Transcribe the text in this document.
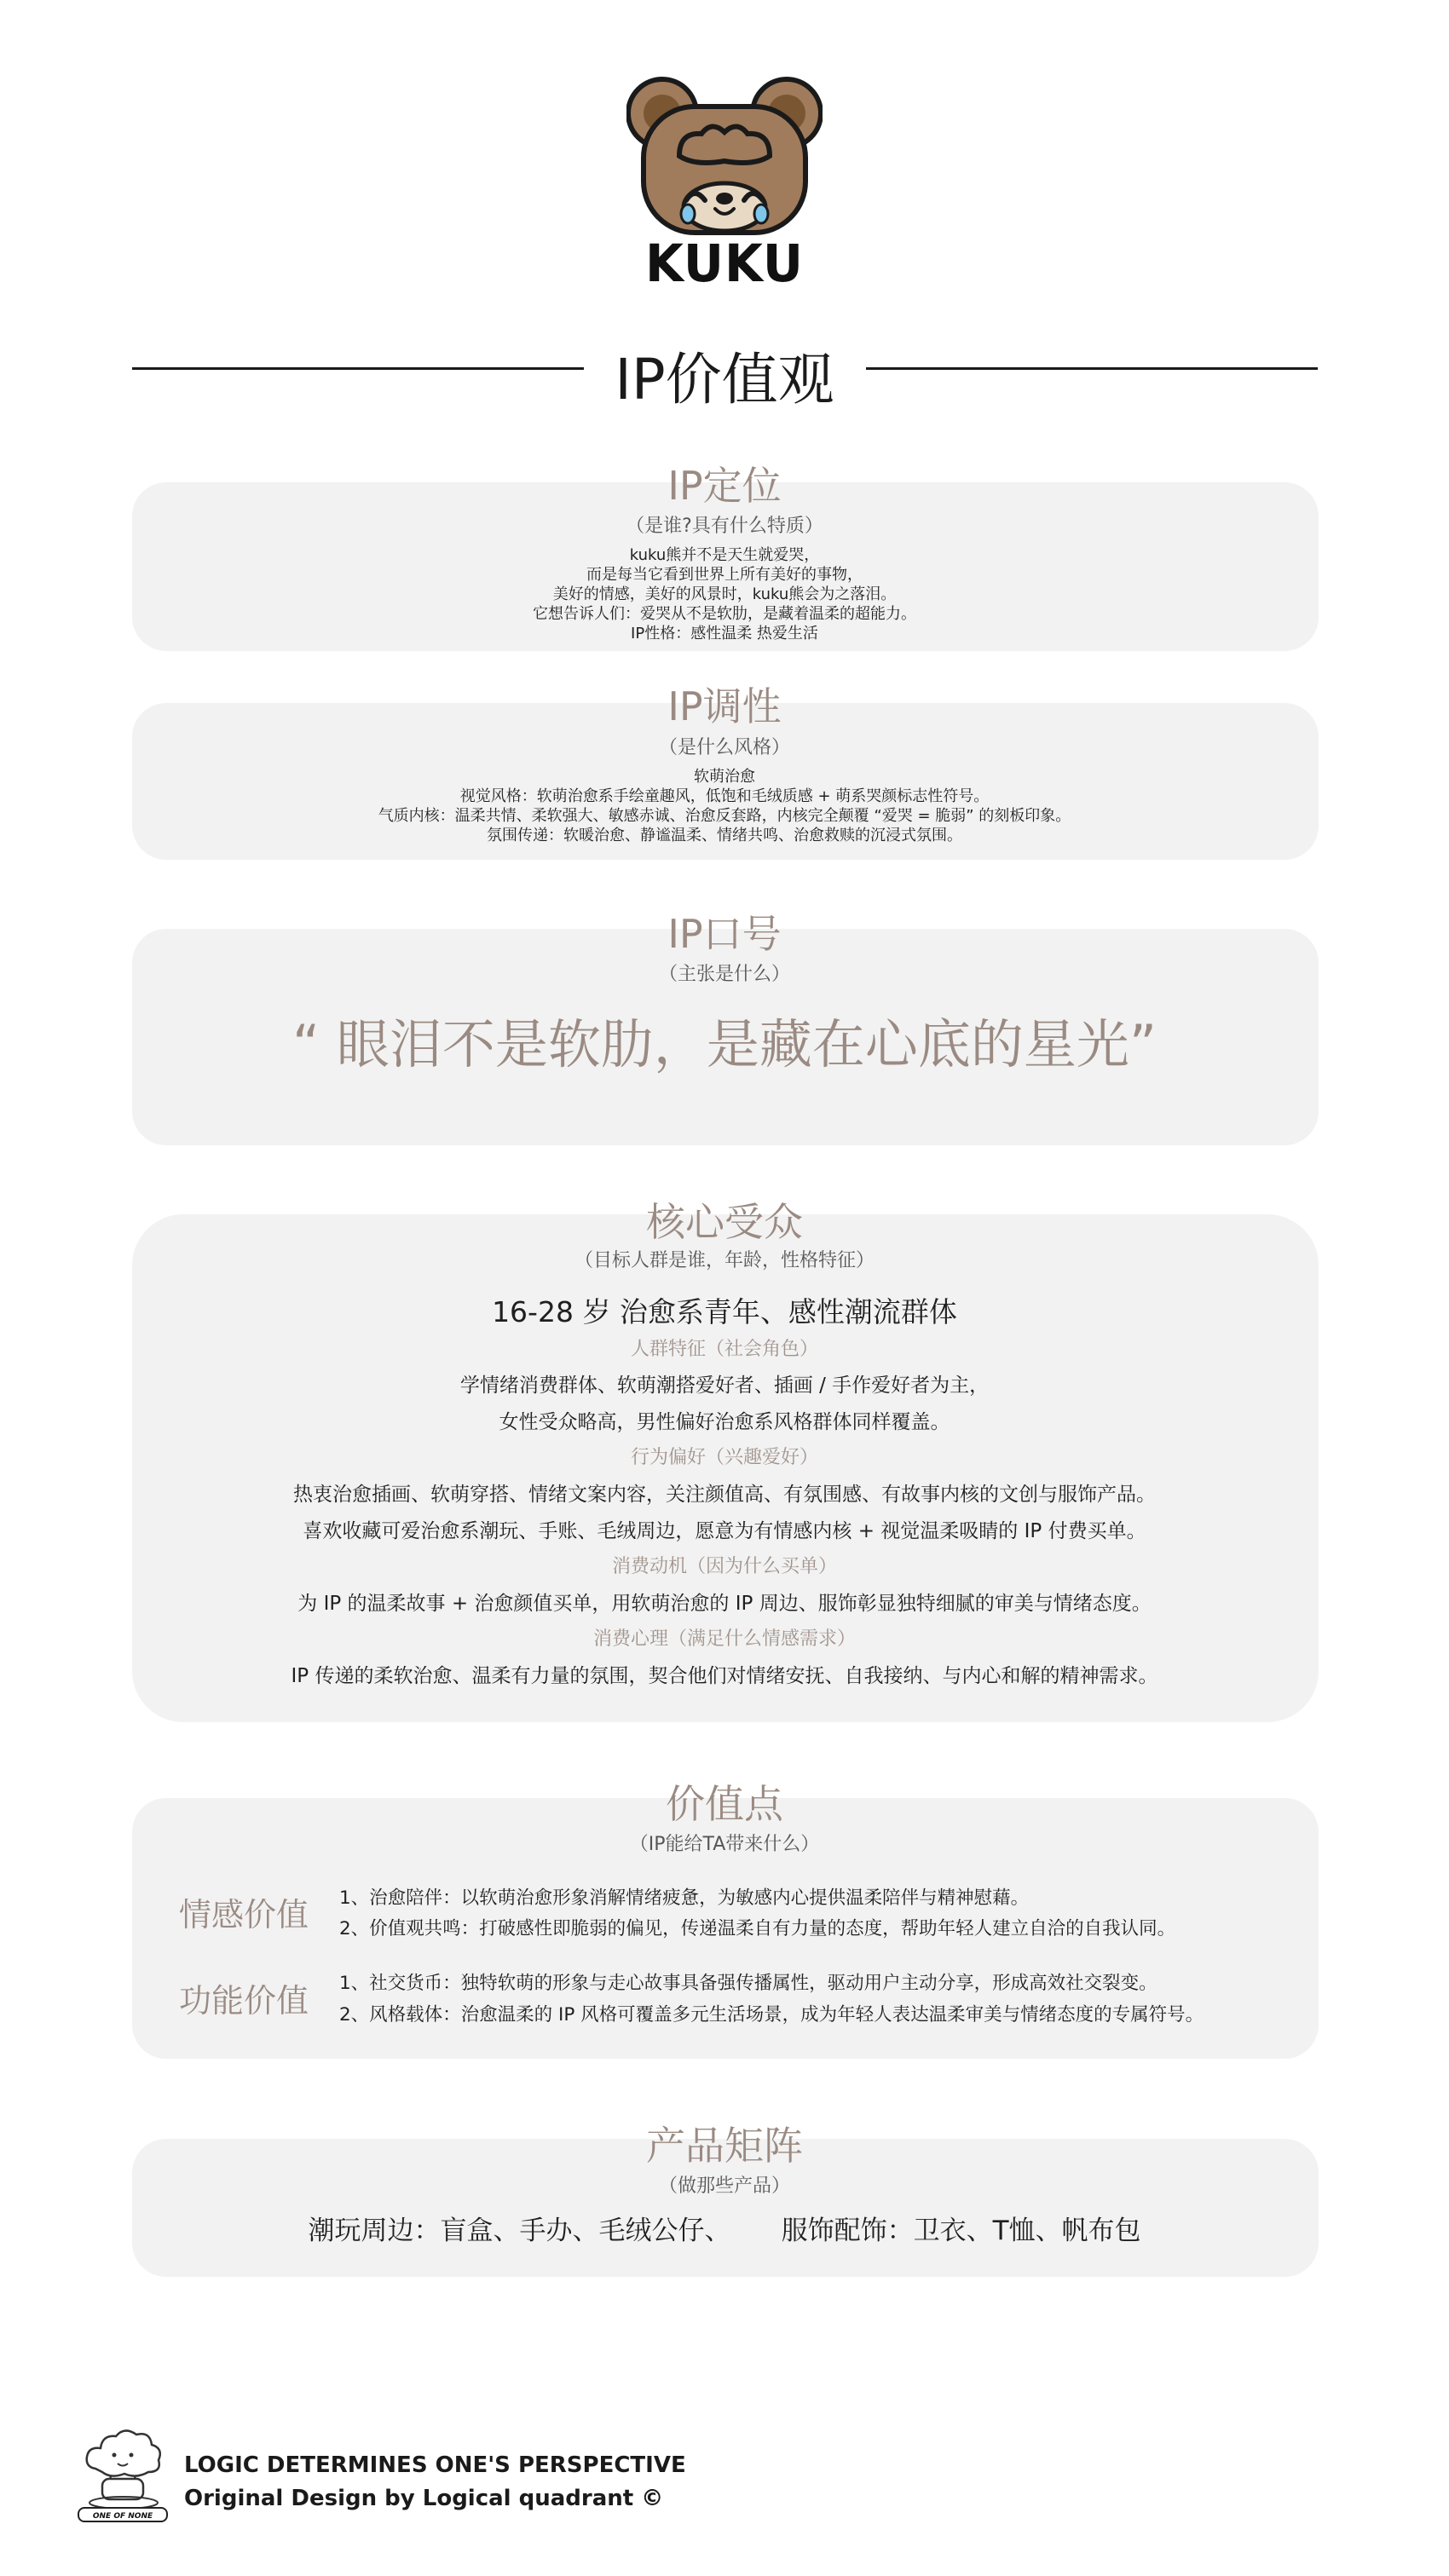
KUKU
IP价值观
IP定位
（是谁?具有什么特质）
kuku熊并不是天生就爱哭，
而是每当它看到世界上所有美好的事物，
美好的情感，美好的风景时，kuku熊会为之落泪。
它想告诉人们：爱哭从不是软肋，是藏着温柔的超能力。
IP性格：感性温柔 热爱生活
IP调性
（是什么风格）
软萌治愈
视觉风格：软萌治愈系手绘童趣风，低饱和毛绒质感 + 萌系哭颜标志性符号。
气质内核：温柔共情、柔软强大、敏感赤诚、治愈反套路，内核完全颠覆 “爱哭 = 脆弱” 的刻板印象。
氛围传递：软暖治愈、静谧温柔、情绪共鸣、治愈救赎的沉浸式氛围。
IP口号
（主张是什么）
“ 眼泪不是软肋，是藏在心底的星光”
核心受众
（目标人群是谁，年龄，性格特征）
16-28 岁 治愈系青年、感性潮流群体
人群特征（社会角色）
学情绪消费群体、软萌潮搭爱好者、插画 / 手作爱好者为主，
女性受众略高，男性偏好治愈系风格群体同样覆盖。
行为偏好（兴趣爱好）
热衷治愈插画、软萌穿搭、情绪文案内容，关注颜值高、有氛围感、有故事内核的文创与服饰产品。
喜欢收藏可爱治愈系潮玩、手账、毛绒周边，愿意为有情感内核 + 视觉温柔吸睛的 IP 付费买单。
消费动机（因为什么买单）
为 IP 的温柔故事 + 治愈颜值买单，用软萌治愈的 IP 周边、服饰彰显独特细腻的审美与情绪态度。
消费心理（满足什么情感需求）
IP 传递的柔软治愈、温柔有力量的氛围，契合他们对情绪安抚、自我接纳、与内心和解的精神需求。
价值点
（IP能给TA带来什么）
情感价值 1、治愈陪伴：以软萌治愈形象消解情绪疲惫，为敏感内心提供温柔陪伴与精神慰藉。
2、价值观共鸣：打破感性即脆弱的偏见，传递温柔自有力量的态度，帮助年轻人建立自洽的自我认同。
功能价值 1、社交货币：独特软萌的形象与走心故事具备强传播属性，驱动用户主动分享，形成高效社交裂变。
2、风格载体：治愈温柔的 IP 风格可覆盖多元生活场景，成为年轻人表达温柔审美与情绪态度的专属符号。
产品矩阵
（做那些产品）
潮玩周边：盲盒、手办、毛绒公仔、      服饰配饰：卫衣、T恤、帆布包
ONE OF NONE
LOGIC DETERMINES ONE'S PERSPECTIVE
Original Design by Logical quadrant ©
